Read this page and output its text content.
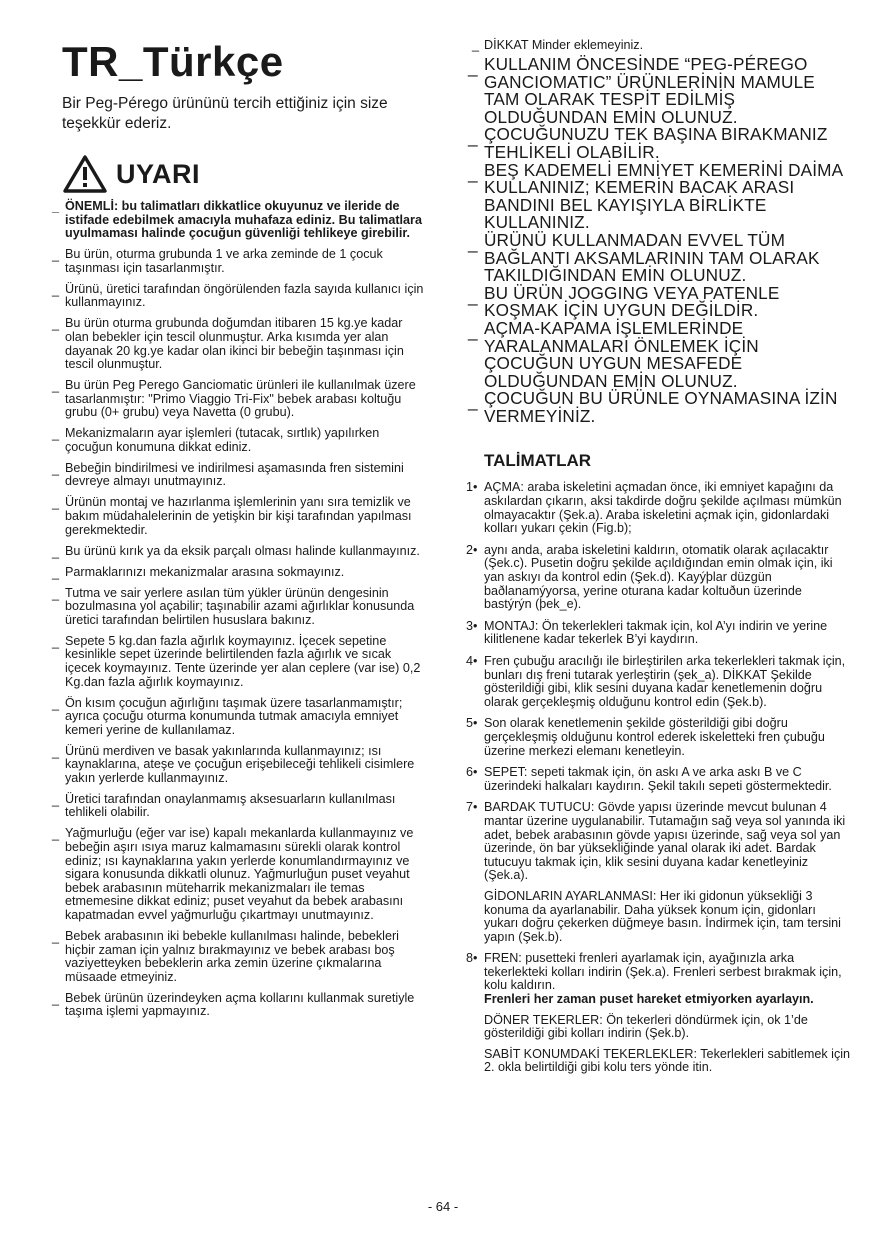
TR_Türkçe
Bir Peg-Pérego ürününü tercih ettiğiniz için size teşekkür ederiz.
UYARI
_ ÖNEMLİ: bu talimatları dikkatlice okuyunuz ve ileride de istifade edebilmek amacıyla muhafaza ediniz. Bu talimatlara uyulmaması halinde çocuğun güvenliği tehlikeye girebilir.
_ Bu ürün, oturma grubunda 1 ve arka zeminde de 1 çocuk taşınması için tasarlanmıştır.
_ Ürünü, üretici tarafından öngörülenden fazla sayıda kullanıcı için kullanmayınız.
_ Bu ürün oturma grubunda doğumdan itibaren 15 kg.ye kadar olan bebekler için tescil olunmuştur. Arka kısımda yer alan dayanak 20 kg.ye kadar olan ikinci bir bebeğin taşınması için tescil olunmuştur.
_ Bu ürün Peg Perego Ganciomatic ürünleri ile kullanılmak üzere tasarlanmıştır: "Primo Viaggio Tri-Fix" bebek arabası koltuğu grubu (0+ grubu) veya Navetta (0 grubu).
_ Mekanizmaların ayar işlemleri (tutacak, sırtlık) yapılırken çocuğun konumuna dikkat ediniz.
_ Bebeğin bindirilmesi ve indirilmesi aşamasında fren sistemini devreye almayı unutmayınız.
_ Ürünün montaj ve hazırlanma işlemlerinin yanı sıra temizlik ve bakım müdahalelerinin de yetişkin bir kişi tarafından yapılması gerekmektedir.
_ Bu ürünü kırık ya da eksik parçalı olması halinde kullanmayınız.
_ Parmaklarınızı mekanizmalar arasına sokmayınız.
_ Tutma ve sair yerlere asılan tüm yükler ürünün dengesinin bozulmasına yol açabilir; taşınabilir azami ağırlıklar konusunda üretici tarafından belirtilen hususlara bakınız.
_ Sepete 5 kg.dan fazla ağırlık koymayınız. İçecek sepetine kesinlikle sepet üzerinde belirtilenden fazla ağırlık ve sıcak içecek koymayınız. Tente üzerinde yer alan ceplere (var ise) 0,2 Kg.dan fazla ağırlık koymayınız.
_ Ön kısım çocuğun ağırlığını taşımak üzere tasarlanmamıştır; ayrıca çocuğu oturma konumunda tutmak amacıyla emniyet kemeri yerine de kullanılamaz.
_ Ürünü merdiven ve basak yakınlarında kullanmayınız; ısı kaynaklarına, ateşe ve çocuğun erişebileceği tehlikeli cisimlere yakın yerlerde kullanmayınız.
_ Üretici tarafından onaylanmamış aksesuarların kullanılması tehlikeli olabilir.
_ Yağmurluğu (eğer var ise) kapalı mekanlarda kullanmayınız ve bebeğin aşırı ısıya maruz kalmamasını sürekli olarak kontrol ediniz; ısı kaynaklarına yakın yerlerde konumlandırmayınız ve sigara konusunda dikkatli olunuz. Yağmurluğun puset veyahut bebek arabasının müteharrik mekanizmaları ile temas etmemesine dikkat ediniz; puset veyahut da bebek arabasını kapatmadan evvel yağmurluğu çıkartmayı unutmayınız.
_ Bebek arabasının iki bebekle kullanılması halinde, bebekleri hiçbir zaman için yalnız bırakmayınız ve bebek arabası boş vaziyetteyken bebeklerin arka zemin üzerine çıkmalarına müsaade etmeyiniz.
_ Bebek ürünün üzerindeyken açma kollarını kullanmak suretiyle taşıma işlemi yapmayınız.
_ DİKKAT Minder eklemeyiniz.
_ KULLANIM ÖNCESİNDE “PEG-PÉREGO GANCIOMATIC” ÜRÜNLERİNİN MAMULE TAM OLARAK TESPİT EDİLMİŞ OLDUĞUNDAN EMİN OLUNUZ.
_ ÇOCUĞUNUZU TEK BAŞINA BIRAKMANIZ TEHLİKELİ OLABİLİR.
_ BEŞ KADEMELİ EMNİYET KEMERİNİ DAİMA KULLANINIZ; KEMERİN BACAK ARASI BANDINI BEL KAYIŞIYLA BİRLİKTE KULLANINIZ.
_ ÜRÜNÜ KULLANMADAN EVVEL TÜM BAĞLANTI AKSAMLARININ TAM OLARAK TAKILDIĞINDAN EMİN OLUNUZ.
_ BU ÜRÜN JOGGING VEYA PATENLE KOŞMAK İÇİN UYGUN DEĞİLDİR.
_ AÇMA-KAPAMA İŞLEMLERİNDE YARALANMALARI ÖNLEMEK İÇİN ÇOCUĞUN UYGUN MESAFEDE OLDUĞUNDAN EMİN OLUNUZ.
_ ÇOCUĞUN BU ÜRÜNLE OYNAMASINA İZİN VERMEYİNİZ.
TALİMATLAR
1• AÇMA: araba iskeletini açmadan önce, iki emniyet kapağını da askılardan çıkarın, aksi takdirde doğru şekilde açılması mümkün olmayacaktır (Şek.a). Araba iskeletini açmak için, gidonlardaki kolları yukarı çekin (Fig.b);

2• aynı anda, araba iskeletini kaldırın, otomatik olarak açılacaktır (Şek.c). Pusetin doğru şekilde açıldığından emin olmak için, iki yan askıyı da kontrol edin (Şek.d). Kayýþlar düzgün baðlanamýyorsa, yerine oturana kadar koltuðun üzerinde bastýrýn (þek_e).

3• MONTAJ: Ön tekerlekleri takmak için, kol A’yı indirin ve yerine kilitlenene kadar tekerlek B’yi kaydırın.

4• Fren çubuğu aracılığı ile birleştirilen arka tekerlekleri takmak için, bunları dış freni tutarak yerleştirin (şek_a). DİKKAT Şekilde gösterildiği gibi, klik sesini duyana kadar kenetlemenin doğru olarak gerçekleşmiş olduğunu kontrol edin (Şek.b).

5• Son olarak kenetlemenin şekilde gösterildiği gibi doğru gerçekleşmiş olduğunu kontrol ederek iskeletteki fren çubuğu üzerine merkezi elemanı kenetleyin.

6• SEPET: sepeti takmak için, ön askı A ve arka askı B ve C üzerindeki halkaları kaydırın. Şekil takılı sepeti göstermektedir.

7• BARDAK TUTUCU: Gövde yapısı üzerinde mevcut bulunan 4 mantar üzerine uygulanabilir. Tutamağın sağ veya sol yanında iki adet, bebek arabasının gövde yapısı üzerinde, sağ veya sol yan üzerinde, ön bar yüksekliğinde yanal olarak iki adet. Bardak tutucuyu takmak için, klik sesini duyana kadar kenetleyiniz (Şek.a).

GİDONLARIN AYARLANMASI: Her iki gidonun yüksekliği 3 konuma da ayarlanabilir. Daha yüksek konum için, gidonları yukarı doğru çekerken düğmeye basın. İndirmek için, tam tersini yapın (Şek.b).

8• FREN: pusetteki frenleri ayarlamak için, ayağınızla arka tekerlekteki kolları indirin (Şek.a). Frenleri serbest bırakmak için, kolu kaldırın.

Frenleri her zaman puset hareket etmiyorken ayarlayın.

DÖNER TEKERLER: Ön tekerleri döndürmek için, ok 1’de gösterildiği gibi kolları indirin (Şek.b).

SABİT KONUMDAKİ TEKERLEKLER: Tekerlekleri sabitlemek için 2. okla belirtildiği gibi kolu ters yönde itin.

- 64 -
